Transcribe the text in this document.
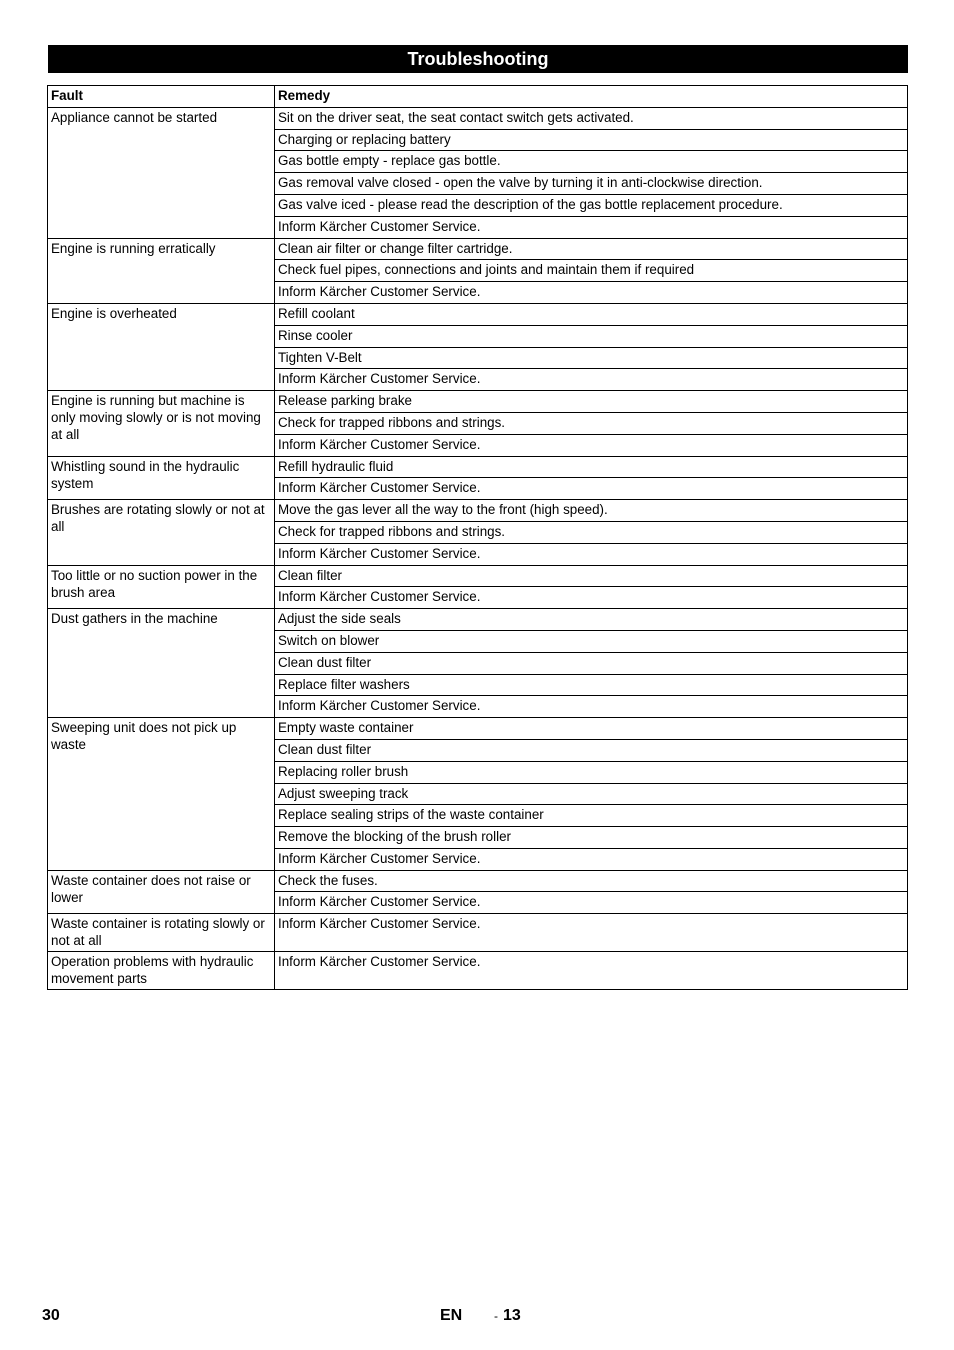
Troubleshooting
Fault	Remedy
Appliance cannot be started	Sit on the driver seat, the seat contact switch gets activated.
	Charging or replacing battery
	Gas bottle empty - replace gas bottle.
	Gas removal valve closed - open the valve by turning it in anti-clockwise direction.
	Gas valve iced - please read the description of the gas bottle replacement procedure.
	Inform Kärcher Customer Service.
Engine is running erratically	Clean air filter or change filter cartridge.
	Check fuel pipes, connections and joints and maintain them if required
	Inform Kärcher Customer Service.
Engine is overheated	Refill coolant
	Rinse cooler
	Tighten V-Belt
	Inform Kärcher Customer Service.
Engine is running but machine is only moving slowly or is not moving at all	Release parking brake
	Check for trapped ribbons and strings.
	Inform Kärcher Customer Service.
Whistling sound in the hydraulic system	Refill hydraulic fluid
	Inform Kärcher Customer Service.
Brushes are rotating slowly or not at all	Move the gas lever all the way to the front (high speed).
	Check for trapped ribbons and strings.
	Inform Kärcher Customer Service.
Too little or no suction power in the brush area	Clean filter
	Inform Kärcher Customer Service.
Dust gathers in the machine	Adjust the side seals
	Switch on blower
	Clean dust filter
	Replace filter washers
	Inform Kärcher Customer Service.
Sweeping unit does not pick up waste	Empty waste container
	Clean dust filter
	Replacing roller brush
	Adjust sweeping track
	Replace sealing strips of the waste container
	Remove the blocking of the brush roller
	Inform Kärcher Customer Service.
Waste container does not raise or lower	Check the fuses.
	Inform Kärcher Customer Service.
Waste container is rotating slowly or not at all	Inform Kärcher Customer Service.
Operation problems with hydraulic movement parts	Inform Kärcher Customer Service.
30	EN	- 13
